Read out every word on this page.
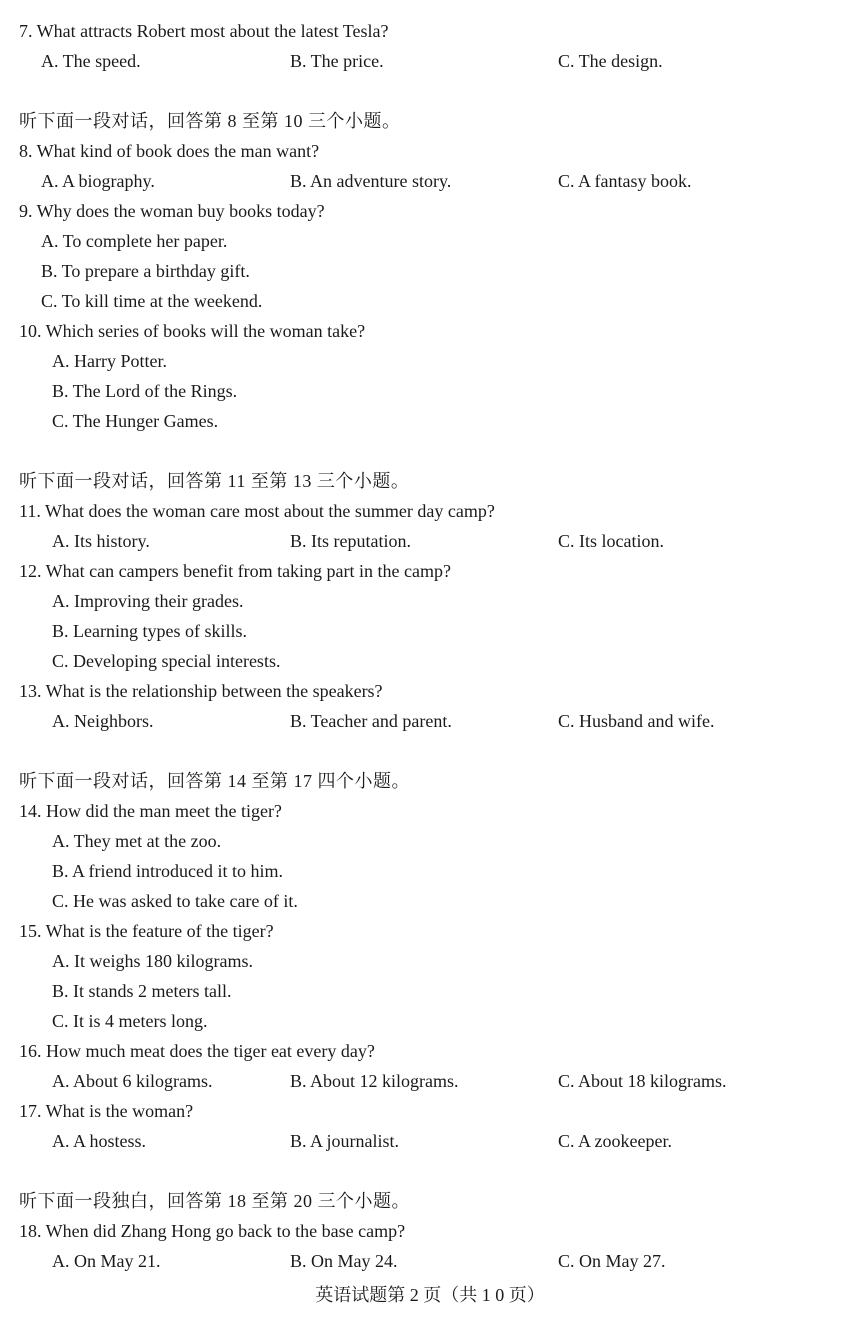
7. What attracts Robert most about the latest Tesla?
A. The speed.	B. The price.	C. The design.
听下面一段对话，回答第 8 至第 10 三个小题。
8. What kind of book does the man want?
A. A biography.	B. An adventure story.	C. A fantasy book.
9. Why does the woman buy books today?
A. To complete her paper.
B. To prepare a birthday gift.
C. To kill time at the weekend.
10. Which series of books will the woman take?
A. Harry Potter.
B. The Lord of the Rings.
C. The Hunger Games.
听下面一段对话，回答第 11 至第 13 三个小题。
11. What does the woman care most about the summer day camp?
A. Its history.	B. Its reputation.	C. Its location.
12. What can campers benefit from taking part in the camp?
A. Improving their grades.
B. Learning types of skills.
C. Developing special interests.
13. What is the relationship between the speakers?
A. Neighbors.	B. Teacher and parent.	C. Husband and wife.
听下面一段对话，回答第 14 至第 17 四个小题。
14. How did the man meet the tiger?
A. They met at the zoo.
B. A friend introduced it to him.
C. He was asked to take care of it.
15. What is the feature of the tiger?
A. It weighs 180 kilograms.
B. It stands 2 meters tall.
C. It is 4 meters long.
16. How much meat does the tiger eat every day?
A. About 6 kilograms.	B. About 12 kilograms.	C. About 18 kilograms.
17. What is the woman?
A. A hostess.	B. A journalist.	C. A zookeeper.
听下面一段独白，回答第 18 至第 20 三个小题。
18. When did Zhang Hong go back to the base camp?
A. On May 21.	B. On May 24.	C. On May 27.
英语试题第 2 页（共 1 0 页）
